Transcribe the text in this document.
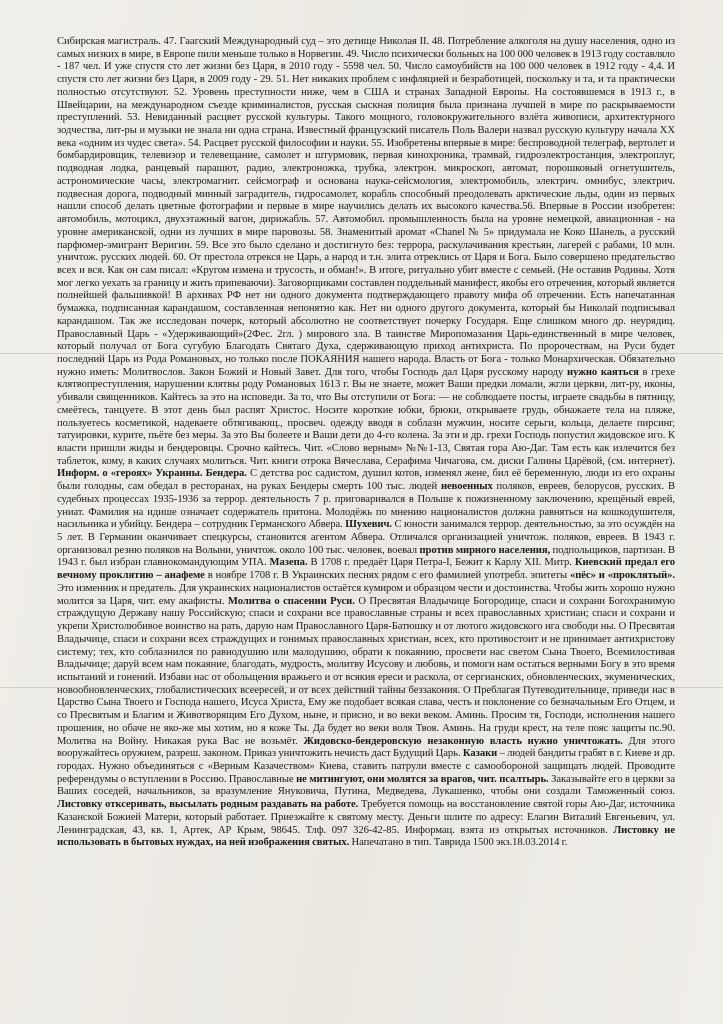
Сибирская магистраль. 47. Гаагский Международный суд – это детище Николая II. 48. Потребление алкоголя на душу населения, одно из самых низких в мире, в Европе пили меньше только в Норвегии. 49. Число психически больных на 100 000 человек в 1913 году составляло - 187 чел. И уже спустя сто лет жизни без Царя, в 2010 году - 5598 чел. 50. Число самоубийств на 100 000 человек в 1912 году - 4,4. И спустя сто лет жизни без Царя, в 2009 году - 29. 51. Нет никаких проблем с инфляцией и безработицей, поскольку и та, и та практически полностью отсутствуют. 52. Уровень преступности ниже, чем в США и странах Западной Европы. На состоявшемся в 1913 г., в Швейцарии, на международном съезде криминалистов, русская сыскная полиция была признана лучшей в мире по раскрываемости преступлений. 53. Невиданный расцвет русской культуры. Такого мощного, головокружительного взлёта живописи, архитектурного зодчества, лит-ры и музыки не знала ни одна страна. Известный французский писатель Поль Валери назвал русскую культуру начала ХХ века «одним из чудес света». 54. Расцвет русской философии и науки. 55. Изобретены впервые в мире: беспроводной телеграф, вертолет и бомбардировщик, телевизор и телевещание, самолет и штурмовик, первая кинохроника, трамвай, гидроэлектростанция, электроплуг, подводная лодка, ранцевый парашют, радио, электроножка, трубка, электрон. микроскоп, автомат, порошковый огнетушитель, астрономические часы, электромагнит. сейсмограф и основана наука-сейсмология, электромобиль, электрич. омнибус, электрич. подвесная дорога, подводный минный заградитель, гидросамолет, корабль способный преодолевать арктические льды, один из первых нашли способ делать цветные фотографии и первые в мире научились делать их высокого качества.56. Впервые в России изобретен: автомобиль, мотоцикл, двухэтажный вагон, дирижабль. 57. Автомобил. промышленность была на уровне немецкой, авиационная - на уровне американской, одни из лучших в мире паровозы. 58. Знаменитый аромат «Chanel № 5» придумала не Коко Шанель, а русский парфюмер-эмигрант Веригин. 59. Все это было сделано и достигнуто без: террора, раскулачивания крестьян, лагерей с рабами, 10 млн. уничтож. русских людей. 60. От престола отрекся не Царь, а народ и т.н. элита отреклись от Царя и Бога. Было совершено предательство всех и вся. Как он сам писал: «Кругом измена и трусость, и обман!». В итоге, ритуально убит вместе с семьей. (Не оставив Родины. Хотя мог легко уехать за границу и жить припеваючи). Заговорщиками составлен поддельный манифест, якобы его отречения, который является полнейшей фальшивкой! В архивах РФ нет ни одного документа подтверждающего правоту мифа об отречении. Есть напечатанная бумажка, подписанная карандашом, составленная непонятно как. Нет ни одного другого документа, который бы Николай подписывал карандашом. Так же исследован почерк, который абсолютно не соответствует почерку Государя. Еще слишком много др. неурядиц. Православный Царь - «Удерживающий»(2Фес. 2гл. ) мирового зла. В таинстве Миропомазания Царь-единственный в мире человек, который получал от Бога сугубую Благодать Святаго Духа, сдерживающую приход антихриста. По пророчествам, на Руси будет последний Царь из Рода Романовых, но только после ПОКАЯНИЯ нашего народа. Власть от Бога - только Монархическая. Обязательно нужно иметь: Молитвослов. Закон Божий и Новый Завет. Для того, чтобы Господь дал Царя русскому народу нужно каяться в грехе клятвопреступления, нарушении клятвы роду Романовых 1613 г. Вы не знаете, может Ваши предки ломали, жгли церкви, лит-ру, иконы, убивали священников. Кайтесь за это на исповеди. За то, что Вы отступили от Бога: — не соблюдаете посты, играете свадьбы в пятницу, смеётесь, танцуете. В этот день был распят Христос. Носите короткие юбки, брюки, открываете грудь, обнажаете тела на пляже, пользуетесь косметикой, надеваете обтягивающ., просвеч. одежду вводя в соблазн мужчин, носите серьги, кольца, делаете пирсинг, татуировки, курите, пьёте без меры. За это Вы болеете и Ваши дети до 4-го колена. За эти и др. грехи Господь попустил жидовское иго. К власти пришли жиды и бендеровцы. Срочно кайтесь. Чит. «Слово верным» №№1-13, Святая гора Аю-Даг. Там есть как излечится без таблеток, кому, в каких случаях молиться. Чит. книги отрока Вячеслава, Серафима Чичагова, см. диски Галины Царёвой, (см. интернет). Информ. о «героях» Украины. Бендера. С детства рос садистом, душил котов, изменял жене, бил её беременную, люди из его охраны были голодны, сам обедал в ресторанах, на руках Бендеры смерть 100 тыс. людей невоенных поляков, евреев, белорусов, русских. В судебных процессах 1935-1936 за террор. деятельность 7 р. приговаривался в Польше к пожизненному заключению, крещёный еврей, униат. Фамилия на идише означает содержатель притона. Молодёжь по мнению националистов должна равняться на кошкодушителя, насильника и убийцу. Бендера – сотрудник Германского Абвера. Шухевич. С юности занимался террор. деятельностью, за это осуждён на 5 лет. В Германии оканчивает спецкурсы, становится агентом Абвера. Отличался организацией уничтож. поляков, евреев. В 1943 г. организовал резню поляков на Волыни, уничтож. около 100 тыс. человек, воевал против мирного населения, подпольщиков, партизан. В 1943 г. был избран главнокомандующим УПА. Мазепа. В 1708 г. предаёт Царя Петра-I, Бежит к Карлу XII. Митр. Киевский предал его вечному проклятию – анафеме в ноябре 1708 г. В Украинских песнях рядом с его фамилией употребл. эпитеты «пёс» и «проклятый». Это изменник и предатель. Для украинских националистов остаётся кумиром и образцом чести и достоинства. Чтобы жить хорошо нужно молится за Царя, чит. ему акафисты. Молитва о спасении Руси. О Пресвятая Владычице Богородице, спаси и сохрани Богохранимую страждущую Державу нашу Российскую; спаси и сохрани все православные страны и всех православных христиан; спаси и сохрани и укрепи Христолюбивое воинство на рать, дарую нам Православного Царя-Батюшку и от лютого жидовского ига свободи ны. О Пресвятая Владычице, спаси и сохрани всех страждущих и гонимых православных христиан, всех, кто противостоит и не принимает антихристову систему; тех, кто соблазнился по равнодушию или малодушию, обрати к покаянию, просвети нас светом Сына Твоего, Всемилостивая Владычице; даруй всем нам покаяние, благодать, мудрость, молитву Исусову и любовь, и помоги нам остаться верными Богу в это время испытаний и гонений. Избави нас от обольщения вражьего и от всякия ереси и раскола, от сергианских, обновленческих, экуменических, новообновленческих, глобалистических всеересей, и от всех действий тайны беззакония. О Преблагая Путеводительнице, приведи нас в Царство Сына Твоего и Господа нашего, Исуса Христа, Ему же подобает всякая слава, честь и поклонение со безначальным Его Отцем, и со Пресвятым и Благим и Животворящим Его Духом, ныне, и присно, и во веки веком. Аминь. Просим тя, Господи, исполнения нашего прошения, но обаче не яко-же мы хотим, но я коже Ты. Да будет во веки воля Твоя. Аминь. На груди крест, на теле пояс защиты пс.90. Молитва на Войну. Никакая рука Вас не возьмёт. Жидовско-бендеровскую незаконную власть нужно уничтожать. Для этого вооружайтесь оружием, разреш. законом. Приказ уничтожить нечисть даст Будущий Царь. Казаки – людей бандиты грабят в г. Киеве и др. городах. Нужно объединяться с «Верным Казачеством» Киева, ставить патрули вместе с самообороной защищать людей. Проводите референдумы о вступлении в Россию. Православные не митингуют, они молятся за врагов, чит. псалтырь. Заказывайте его в церкви за Ваших соседей, начальников, за вразумление Януковича, Путина, Медведева, Лукашенко, чтобы они создали Таможенный союз. Листовку отксеривать, высылать родным раздавать на работе. Требуется помощь на восстановление святой горы Аю-Даг, источника Казанской Божией Матери, который работает. Приезжайте к святому месту. Деньги шлите по адресу: Елагин Виталий Евгеньевич, ул. Ленинградская, 43, кв. 1, Артек, АР Крым, 98645. Тлф. 097 326-42-85. Информац. взята из открытых источников. Листовку не использовать в бытовых нуждах, на ней изображения святых. Напечатано в тип. Таврида 1500 экз.18.03.2014 г.
